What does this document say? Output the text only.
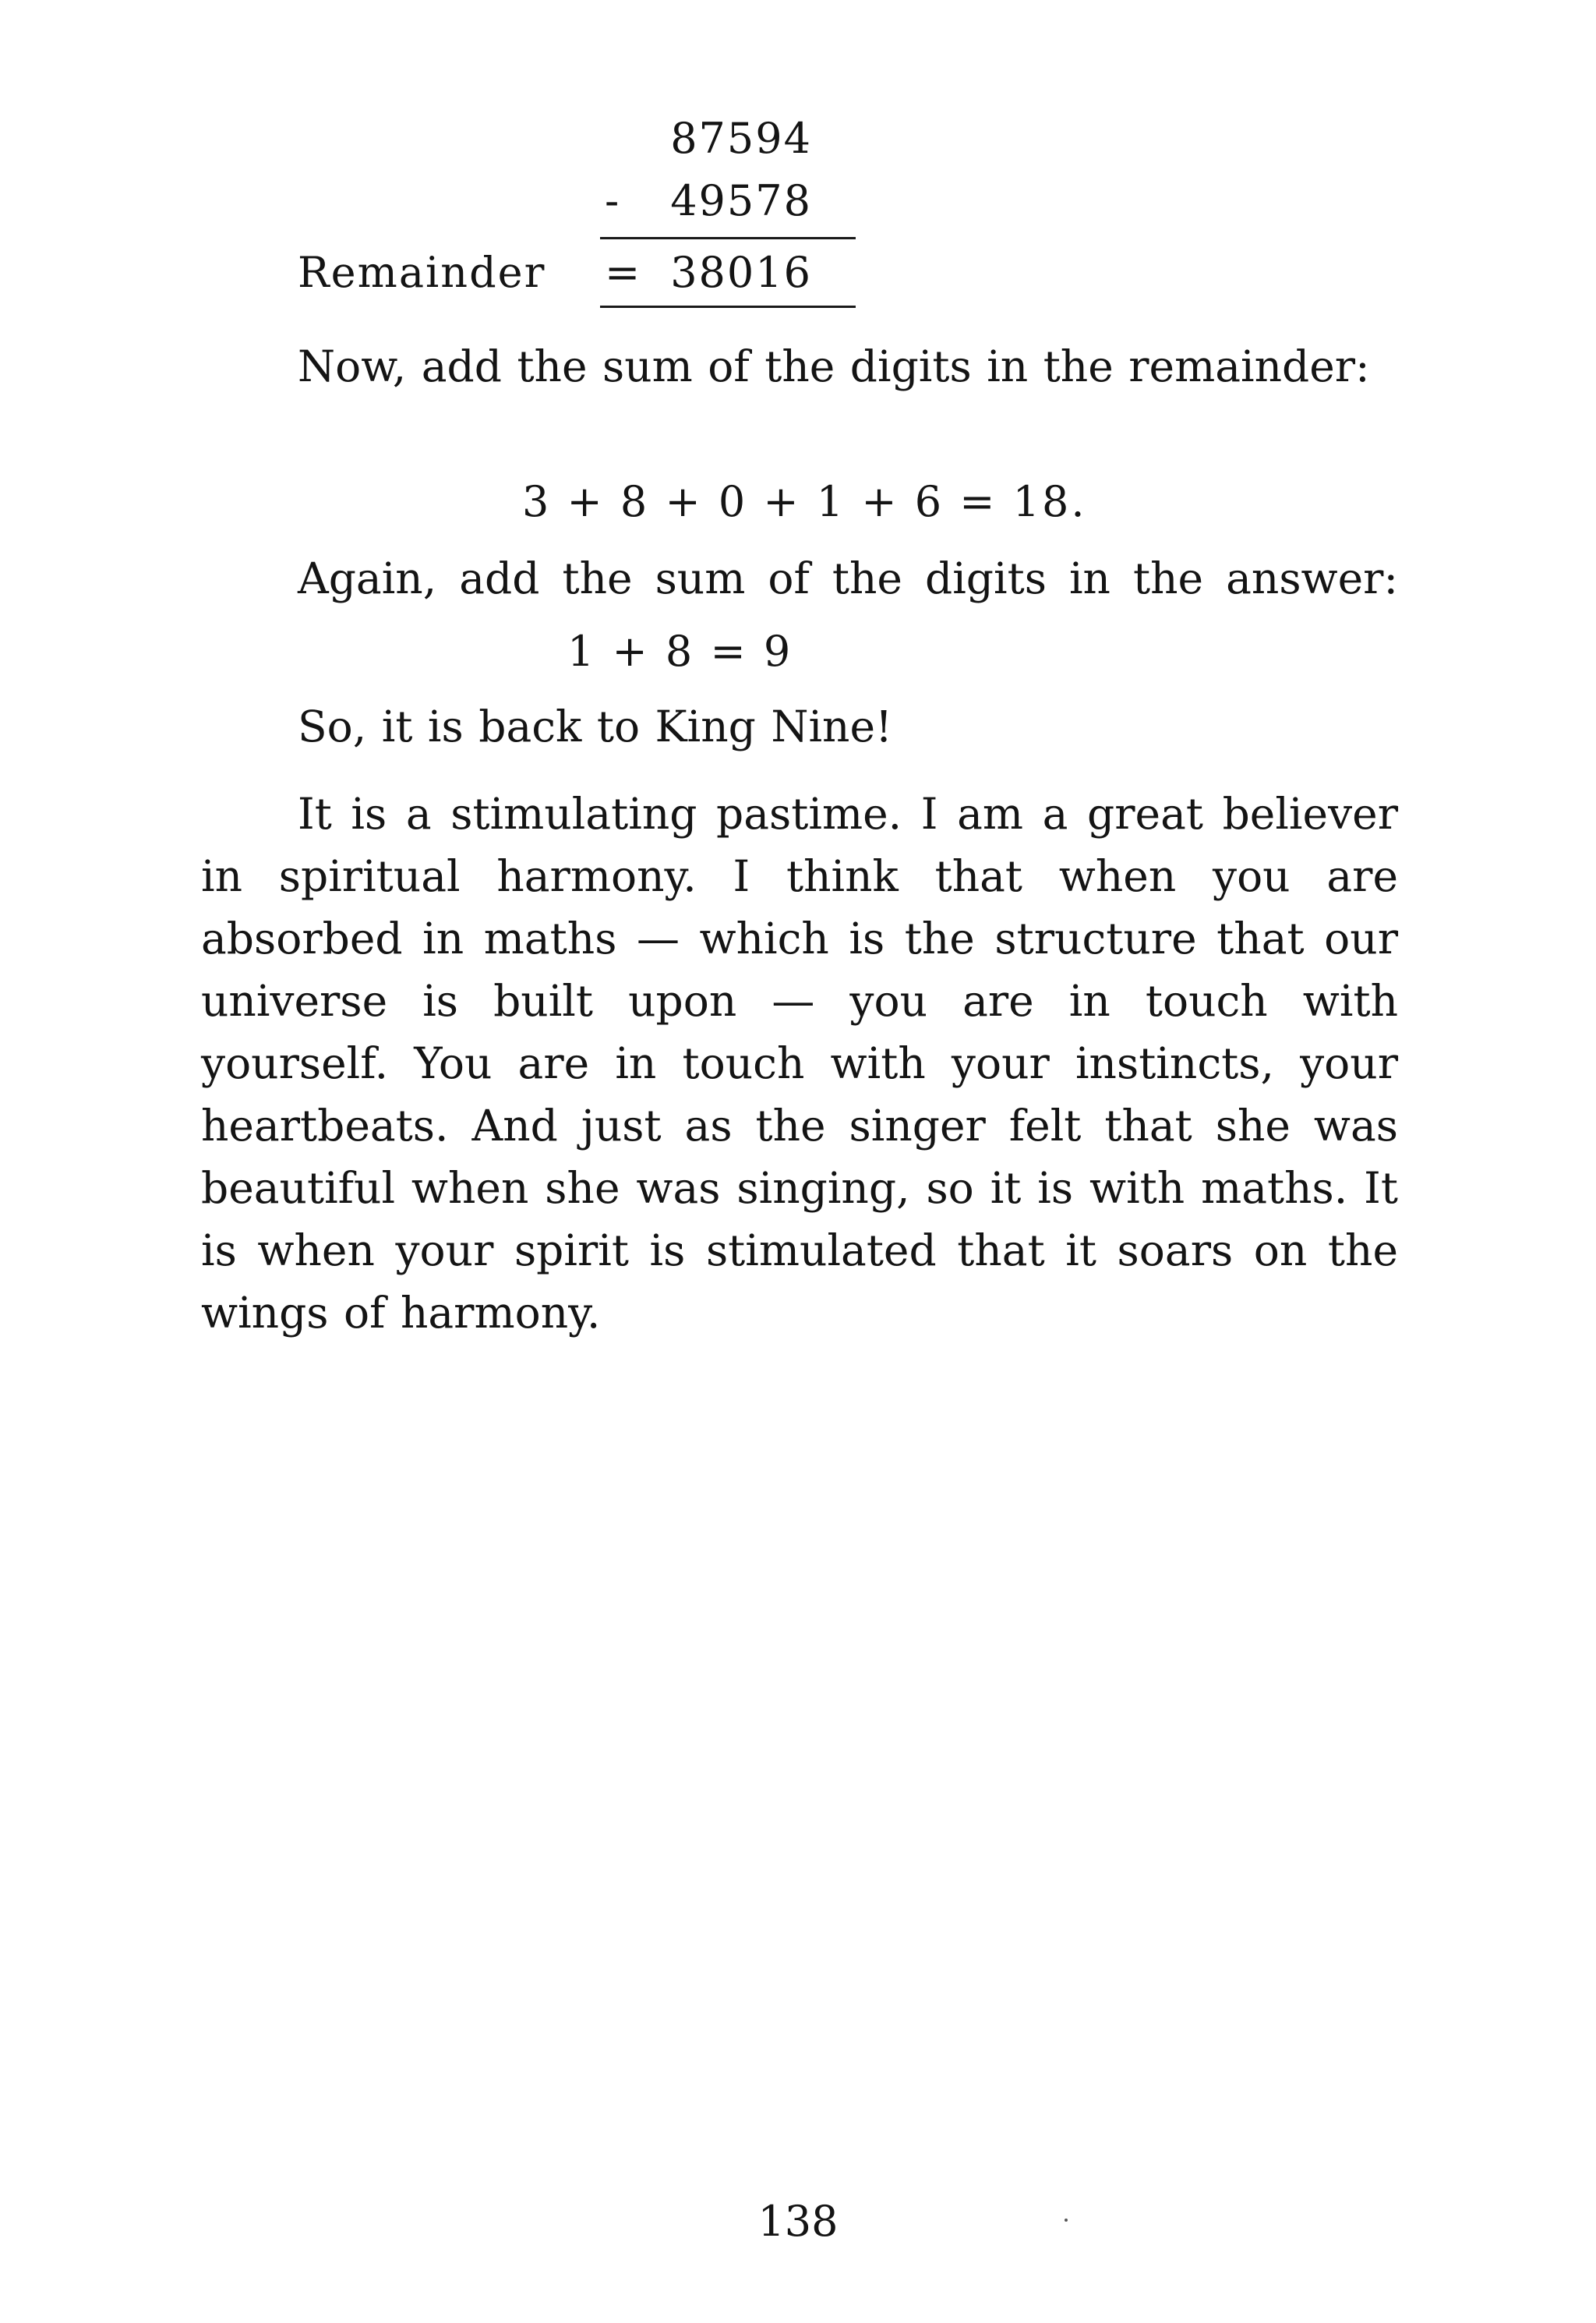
87594
-	49578
Remainder = 38016

Now, add the sum of the digits in the remainder:

3 + 8 + 0 + 1 + 6 = 18.

Again, add the sum of the digits in the answer:

1 + 8 = 9

So, it is back to King Nine!

It is a stimulating pastime. I am a great believer in spiritual harmony. I think that when you are absorbed in maths — which is the structure that our universe is built upon — you are in touch with yourself. You are in touch with your instincts, your heartbeats. And just as the singer felt that she was beautiful when she was singing, so it is with maths. It is when your spirit is stimulated that it soars on the wings of harmony.

138
